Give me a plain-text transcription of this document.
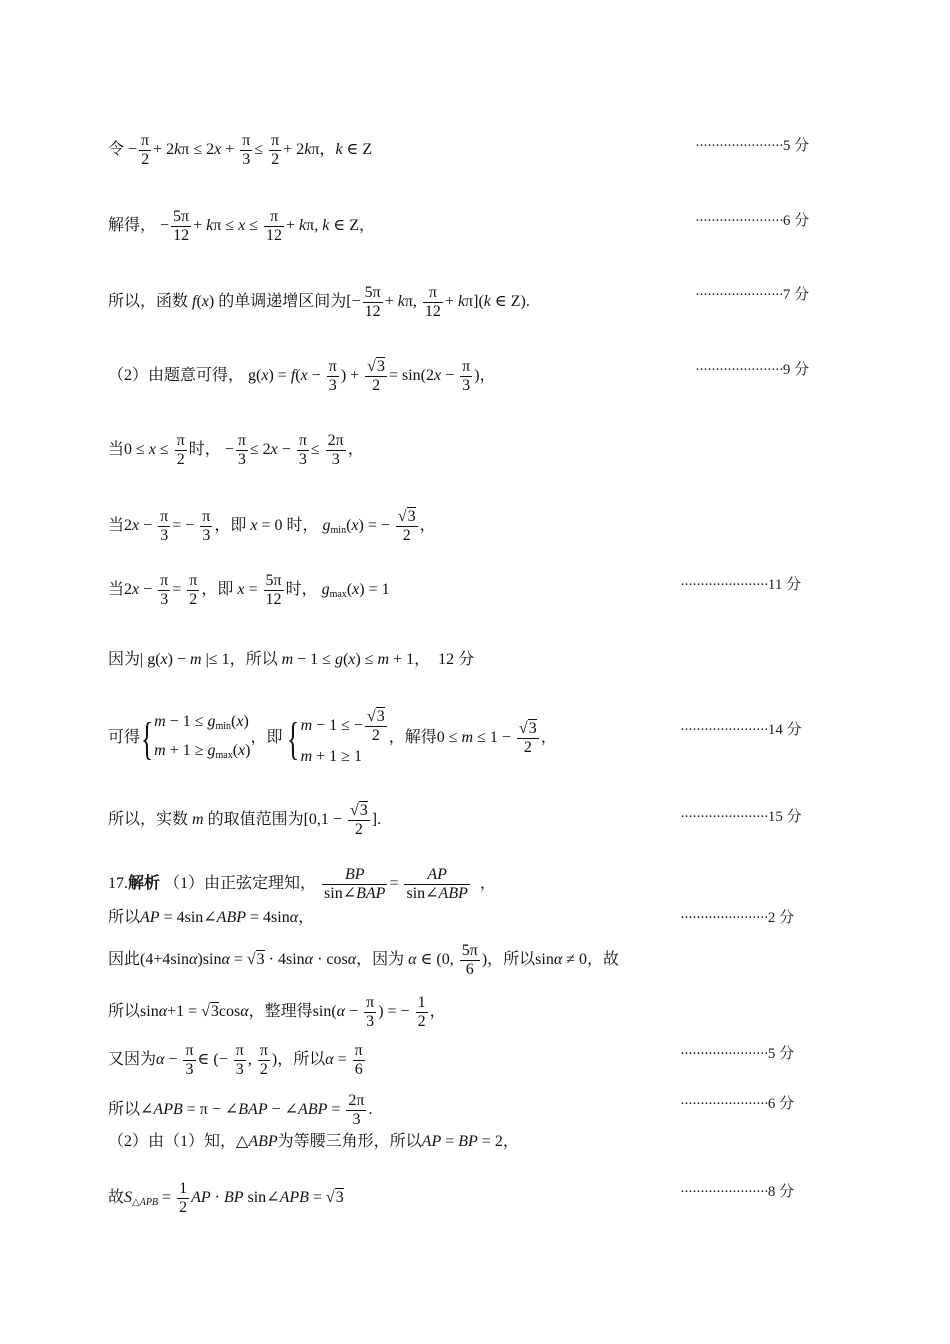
令 − $\frac{\pi}{2} + 2k\pi \le 2x + \frac{\pi}{3} \le \frac{\pi}{2} + 2k\pi$，k ∈ Z	······················5 分
解得， − $\frac{5\pi}{12} + k\pi \le x \le \frac{\pi}{12} + k\pi$, k ∈ Z，	······················6 分
所以，函数 f(x) 的单调递增区间为[− $\frac{5\pi}{12} + k\pi$, $\frac{\pi}{12} + k\pi](k$ ∈ Z).	······················7 分
（2）由题意可得， $g(x) = f(x - \frac{\pi}{3}$ ) + $\frac{√3}{2} = \sin(2x - \frac{\pi}{3}$ )，	······················9 分
当$0 \le x \le \frac{\pi}{2}$ 时， − $\frac{\pi}{3} \le 2x - \frac{\pi}{3} \le \frac{2\pi}{3}$ ，
当$2x - \frac{\pi}{3}$ = − $\frac{\pi}{3}$ ，即 x = 0 时， $g_{min}(x)$ = − $\frac{√3}{2}$ ，
当$2x - \frac{\pi}{3} = \frac{\pi}{2}$ ，即 $x = \frac{5\pi}{12}$ 时， $g_{max}(x) = 1$	······················11 分
因为| g(x) − m |≤ 1，所以 m − 1 ≤ g(x) ≤ m + 1，  12 分
可得{$m - 1 \le g_{min}(x)$
$m + 1 \ge g_{max}(x)$，即 {m − 1 ≤ − $\frac{√3}{2}$

m + 1 ≥ 1，解得$0 \le m \le 1 - \frac{√3}{2}$ ，	······················14 分
所以，实数 m 的取值范围为[$0,1 - \frac{√3}{2}$ ].	······················15 分
17.解析 （1）由正弦定理知， $\frac{BP}{\text{sin∠BAP}} = \frac{AP}{\text{sin∠ABP}}$ ，
所以AP = 4sin∠ABP = 4sinα，	······················2 分
因此(4+4sinα)sinα = √3 · 4sinα · cosα，因为 α ∈ (0, $\frac{5\pi}{6}$ )，所以sinα ≠ 0，故
所以sinα+1 = √3cosα，整理得$\sin(\alpha - \frac{\pi}{3}$ ) = − $\frac{1}{2}$ ，
又因为$\alpha - \frac{\pi}{3}$ ∈ (− $\frac{\pi}{3}$ , $\frac{\pi}{2}$ )，所以$\alpha = \frac{\pi}{6}$	······················5 分
所以∠APB = π − ∠BAP − ∠ABP = $\frac{2\pi}{3}$ .	······················6 分
（2）由（1）知，△ABP为等腰三角形，所以AP = BP = 2，
故$S_{\triangle APB} = \frac{1}{2}$ AP · BP sin∠APB = √3	······················8 分
